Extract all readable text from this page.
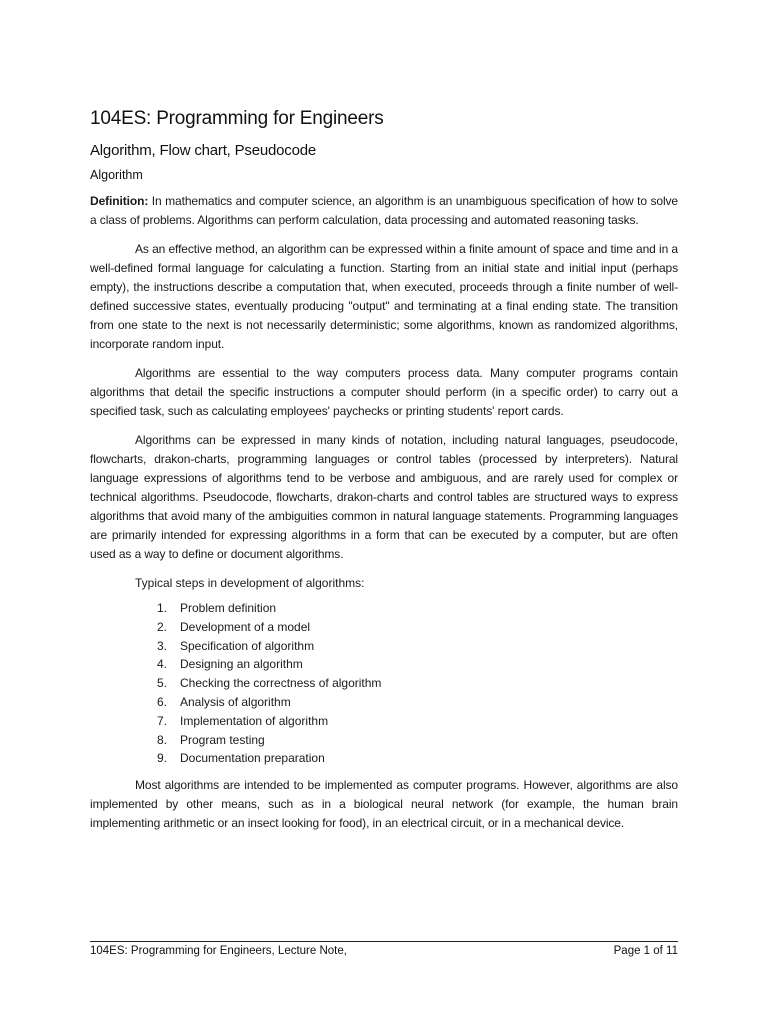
104ES: Programming for Engineers
Algorithm, Flow chart, Pseudocode
Algorithm

Definition: In mathematics and computer science, an algorithm is an unambiguous specification of how to solve a class of problems. Algorithms can perform calculation, data processing and automated reasoning tasks.

As an effective method, an algorithm can be expressed within a finite amount of space and time and in a well-defined formal language for calculating a function. Starting from an initial state and initial input (perhaps empty), the instructions describe a computation that, when executed, proceeds through a finite number of well-defined successive states, eventually producing "output" and terminating at a final ending state. The transition from one state to the next is not necessarily deterministic; some algorithms, known as randomized algorithms, incorporate random input.

Algorithms are essential to the way computers process data. Many computer programs contain algorithms that detail the specific instructions a computer should perform (in a specific order) to carry out a specified task, such as calculating employees' paychecks or printing students' report cards.

Algorithms can be expressed in many kinds of notation, including natural languages, pseudocode, flowcharts, drakon-charts, programming languages or control tables (processed by interpreters). Natural language expressions of algorithms tend to be verbose and ambiguous, and are rarely used for complex or technical algorithms. Pseudocode, flowcharts, drakon-charts and control tables are structured ways to express algorithms that avoid many of the ambiguities common in natural language statements. Programming languages are primarily intended for expressing algorithms in a form that can be executed by a computer, but are often used as a way to define or document algorithms.

Typical steps in development of algorithms:
1. Problem definition
2. Development of a model
3. Specification of algorithm
4. Designing an algorithm
5. Checking the correctness of algorithm
6. Analysis of algorithm
7. Implementation of algorithm
8. Program testing
9. Documentation preparation

Most algorithms are intended to be implemented as computer programs. However, algorithms are also implemented by other means, such as in a biological neural network (for example, the human brain implementing arithmetic or an insect looking for food), in an electrical circuit, or in a mechanical device.

104ES: Programming for Engineers, Lecture Note,	Page 1 of 11
